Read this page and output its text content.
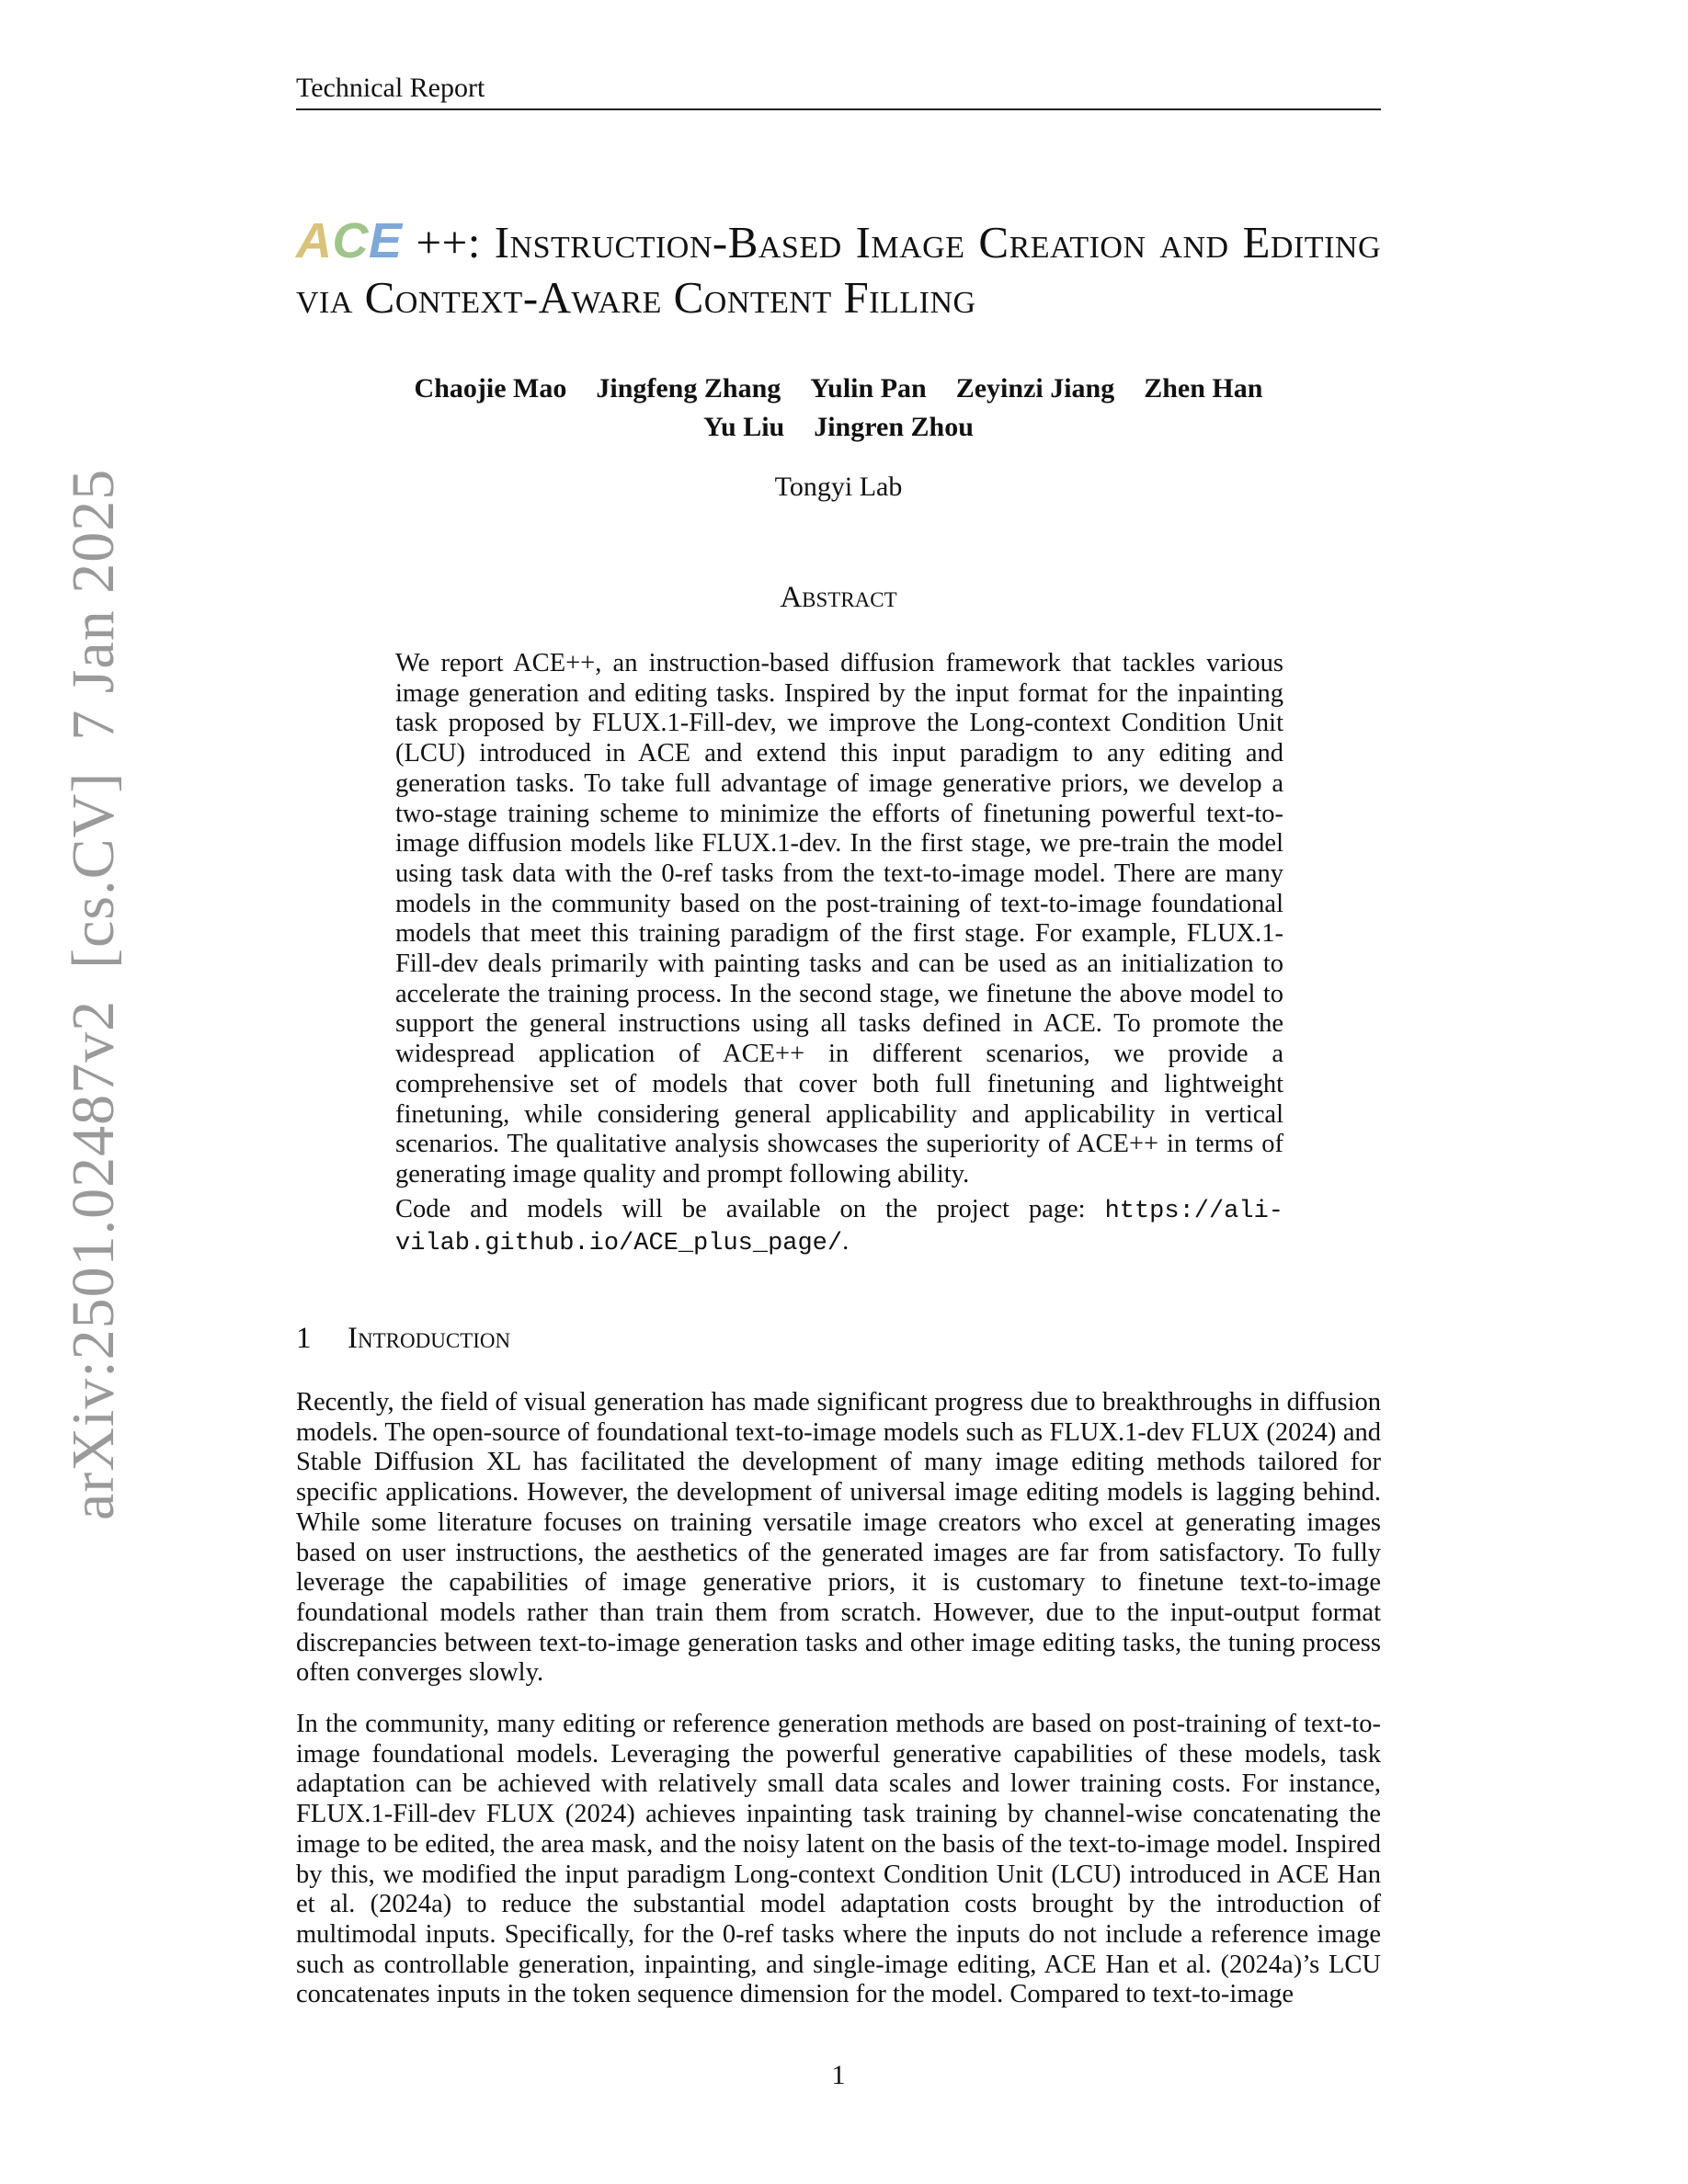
Technical Report
arXiv:2501.02487v2[cs.CV]7 Jan 2025
ACE ++: Instruction-Based Image Creation and Editing via Context-Aware Content Filling
Chaojie Mao Jingfeng Zhang Yulin Pan Zeyinzi Jiang Zhen Han
Yu Liu Jingren Zhou
Tongyi Lab
Abstract
We report ACE++, an instruction-based diffusion framework that tackles various image generation and editing tasks. Inspired by the input format for the inpainting task proposed by FLUX.1-Fill-dev, we improve the Long-context Condition Unit (LCU) introduced in ACE and extend this input paradigm to any editing and generation tasks. To take full advantage of image generative priors, we develop a two-stage training scheme to minimize the efforts of finetuning powerful text-to-image diffusion models like FLUX.1-dev. In the first stage, we pre-train the model using task data with the 0-ref tasks from the text-to-image model. There are many models in the community based on the post-training of text-to-image foundational models that meet this training paradigm of the first stage. For example, FLUX.1-Fill-dev deals primarily with painting tasks and can be used as an initialization to accelerate the training process. In the second stage, we finetune the above model to support the general instructions using all tasks defined in ACE. To promote the widespread application of ACE++ in different scenarios, we provide a comprehensive set of models that cover both full finetuning and lightweight finetuning, while considering general applicability and applicability in vertical scenarios. The qualitative analysis showcases the superiority of ACE++ in terms of generating image quality and prompt following ability.
Code and models will be available on the project page: https://ali-vilab.github.io/ACE_plus_page/.
1 Introduction
Recently, the field of visual generation has made significant progress due to breakthroughs in diffusion models. The open-source of foundational text-to-image models such as FLUX.1-dev FLUX (2024) and Stable Diffusion XL has facilitated the development of many image editing methods tailored for specific applications. However, the development of universal image editing models is lagging behind. While some literature focuses on training versatile image creators who excel at generating images based on user instructions, the aesthetics of the generated images are far from satisfactory. To fully leverage the capabilities of image generative priors, it is customary to finetune text-to-image foundational models rather than train them from scratch. However, due to the input-output format discrepancies between text-to-image generation tasks and other image editing tasks, the tuning process often converges slowly.
In the community, many editing or reference generation methods are based on post-training of text-to-image foundational models. Leveraging the powerful generative capabilities of these models, task adaptation can be achieved with relatively small data scales and lower training costs. For instance, FLUX.1-Fill-dev FLUX (2024) achieves inpainting task training by channel-wise concatenating the image to be edited, the area mask, and the noisy latent on the basis of the text-to-image model. Inspired by this, we modified the input paradigm Long-context Condition Unit (LCU) introduced in ACE Han et al. (2024a) to reduce the substantial model adaptation costs brought by the introduction of multimodal inputs. Specifically, for the 0-ref tasks where the inputs do not include a reference image such as controllable generation, inpainting, and single-image editing, ACE Han et al. (2024a)’s LCU concatenates inputs in the token sequence dimension for the model. Compared to text-to-image
1
